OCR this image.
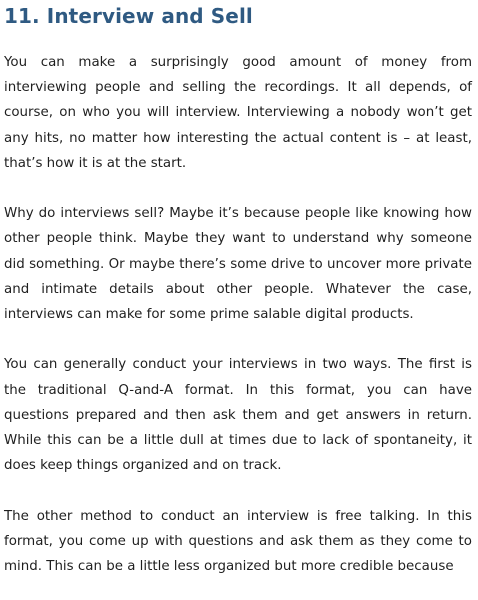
11. Interview and Sell

You can make a surprisingly good amount of money from interviewing people and selling the recordings. It all depends, of course, on who you will interview. Interviewing a nobody won’t get any hits, no matter how interesting the actual content is – at least, that’s how it is at the start.

Why do interviews sell? Maybe it’s because people like knowing how other people think. Maybe they want to understand why someone did something. Or maybe there’s some drive to uncover more private and intimate details about other people. Whatever the case, interviews can make for some prime salable digital products.

You can generally conduct your interviews in two ways. The first is the traditional Q-and-A format. In this format, you can have questions prepared and then ask them and get answers in return. While this can be a little dull at times due to lack of spontaneity, it does keep things organized and on track.

The other method to conduct an interview is free talking. In this format, you come up with questions and ask them as they come to mind. This can be a little less organized but more credible because
